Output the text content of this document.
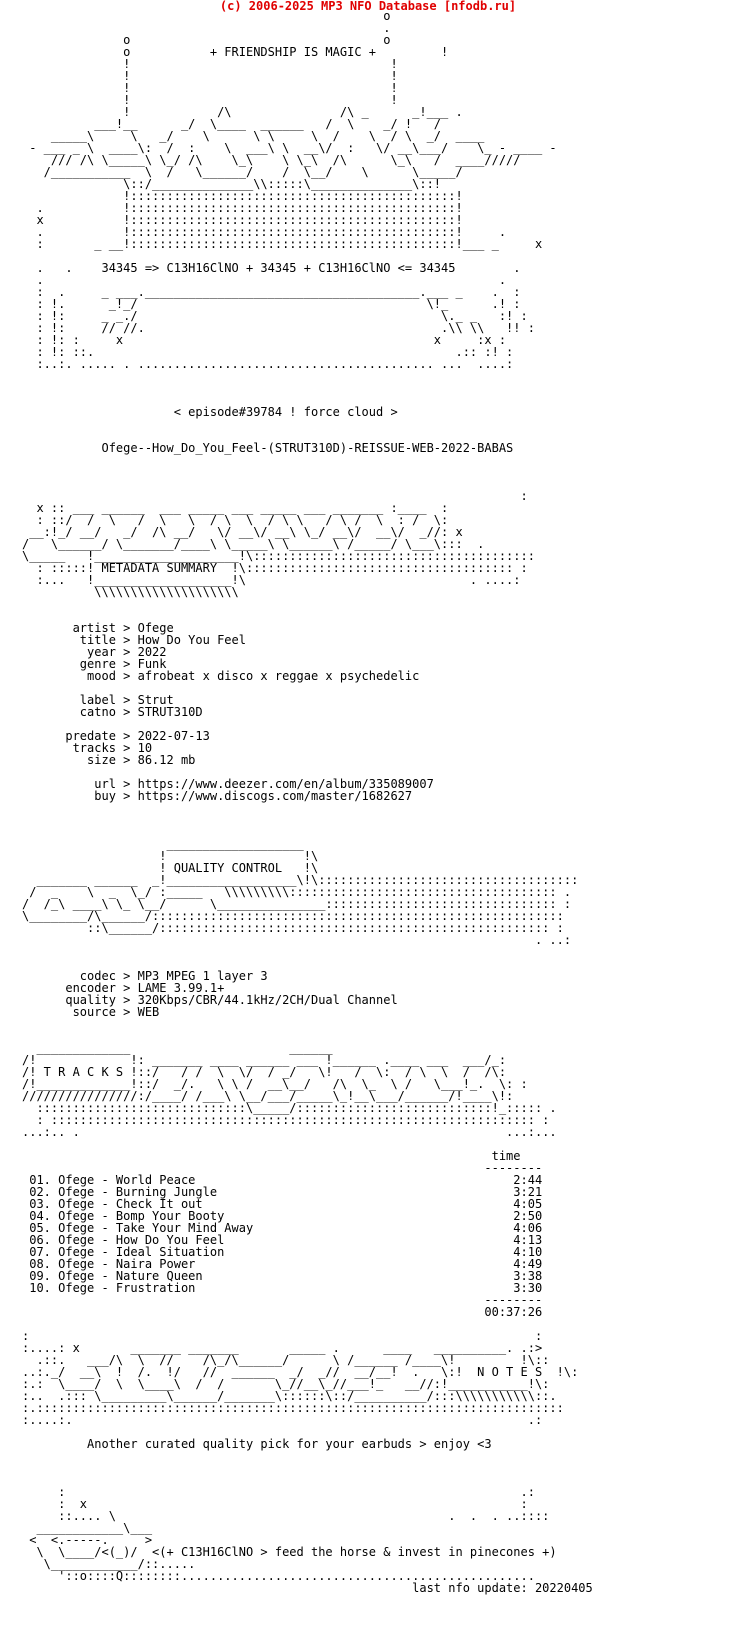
(c) 2006-2025 MP3 NFO Database [nfodb.ru]
o
.
o                                   o
o           + FRIENDSHIP IS MAGIC +         !
!                                    !
!                                    !
!                                    !
!                                    !
!            /\               /\ _      _!___ .
___!__      _/  \____  ______   /  \    _/ !   /
_____\     \   _/    \      \ \     \  /    \  / \  _/  ____
- ___ _ \  ____\:  /  :    \  ___\ \  __\/  :   \/ __\___/    \_ - ____ -
/// /\ \_____\ \_/ /\    \_\    \ \_\  /\      \_\   /  ____/////
/___________  \  /   \______/    /  \__/    \      \_____/
\::/______________\\:::::\______________\::!
!:::::::::::::::::::::::::::::::::::::::::::::!
.           !:::::::::::::::::::::::::::::::::::::::::::::!
x           !:::::::::::::::::::::::::::::::::::::::::::::!
.           !:::::::::::::::::::::::::::::::::::::::::::::!     .
:       _ __!:::::::::::::::::::::::::::::::::::::::::::::!___ _     x
.   .    34345 => C13H16ClNO + 34345 + C13H16ClNO <= 34345        .
.                                                               .
:  .     _ ___.______________________________________.___ _    .  :
: !.      _!_/                                        \!_      .! :
: !:     _ _./                                          \._ _   :! :
: !:     // //.                                         .\\ \\   !! :
: !: :     x                                           x     :x :
: !: ::.                                                  .:: :! :
:..:. ..... . ......................................... ...  ....:
< episode#39784 ! force cloud >
Ofege--How_Do_You_Feel-(STRUT310D)-REISSUE-WEB-2022-BABAS
:
x :: ___ ______  ___ _____ ___ _____ ___ _______ :____  :
: ::/  /  \   /  \   \  / \  \  / \ \   / \ /  \  : /  \:
__:!_/ __/   _/  /\ __/   \/ __\/ __\ \_/ __\/  __\/  _//: x
/   \______/ \_______/____\ \_____\ \______\ /_____/ \___\:::  .
\_____   !____________________!\:::::::::::::::::::::::::::::::::::::::
: :::::! METADATA SUMMARY  !\::::::::::::::::::::::::::::::::::::: :
:...   !___________________!\                               . ....:
\\\\\\\\\\\\\\\\\\\\
artist > Ofege
title > How Do You Feel
year > 2022
genre > Funk
mood > afrobeat x disco x reggae x psychedelic
label > Strut
catno > STRUT310D
predate > 2022-07-13
tracks > 10
size > 86.12 mb
url > https://www.deezer.com/en/album/335089007
buy > https://www.discogs.com/master/1682627
___________________
!                   !\
! QUALITY CONTROL   !\
_______ ______  _!__________________\!\::::::::::::::::::::::::::::::::::::
/  _    \  _  \_/ :_____   \\\\\\\\\::::::::::::::::::::::::::::::::::::: .
/  /_\ ____\ \_ \__/      \_______________:::::::::::::::::::::::::::::::: :
\________/\______/:::::::::::::::::::::::::::::::::::::::::::::::::::::::::
::\______/:::::::::::::::::::::::::::::::::::::::::::::::::::::: :
. ..:
codec > MP3 MPEG 1 layer 3
encoder > LAME 3.99.1+
quality > 320Kbps/CBR/44.1kHz/2CH/Dual Channel
source > WEB
_____________                      ______
/!             !: _______ ____ ______ ___ !______ .____ ___  ___/_:
/! T R A C K S !::/   / /  \  \/  / _/   \!   /  \:  / \  \  /  /\:
/!_____________!::/  _/.   \ \ /  __\__/   /\  \_  \ /   \___!_.  \: :
////////////////:/____/ /___\ \__/___/_____\_!__\___/______/!____\!:
:::::::::::::::::::::::::::::\_____/:::::::::::::::::::::::::::!_::::: .
: ::::::::::::::::::::::::::::::::::::::::::::::::::::::::::::::::::: :
...:.. .                                                           ...:...
time
--------
01. Ofege - World Peace                                            2:44
02. Ofege - Burning Jungle                                         3:21
03. Ofege - Check It out                                           4:05
04. Ofege - Bomp Your Booty                                        2:50
05. Ofege - Take Your Mind Away                                    4:06
06. Ofege - How Do You Feel                                        4:13
07. Ofege - Ideal Situation                                        4:10
08. Ofege - Naira Power                                            4:49
09. Ofege - Nature Queen                                           3:38
10. Ofege - Frustration                                            3:30
--------
00:37:26
:                                                                      :
:....: x       _______ _______       _____ .      ____   __________. .:>
.::.   ___/\  \  //    /\_/\______/      \ /______ /____\!         !\::
..:._/  __\  !  /.  !/   //  ______  _/  _//  __/__!  .   \:!  N O T E S  !\:
:.:  \____/  \  \____\  /  /       \_//__\_//___!_   __//:!___________!\:
:..  .::: \_________\______/_______\::::::\::/__________/:::\\\\\\\\\\\::.
:.:::::::::::::::::::::::::::::::::::::::::::::::::::::::::::::::::::::::::
:....:.                                                               .:
Another curated quality pick for your earbuds > enjoy <3
:                                                               .:
:  x                                                            :
::.... \                                              .  .  . ..::::
____________\___
<  <.-----.     >
\  \____/<(_)/  <(+ C13H16ClNO > feed the horse & invest in pinecones +)
\____________/::.....
'::o::::Q::::::::.................................................
last nfo update: 20220405
